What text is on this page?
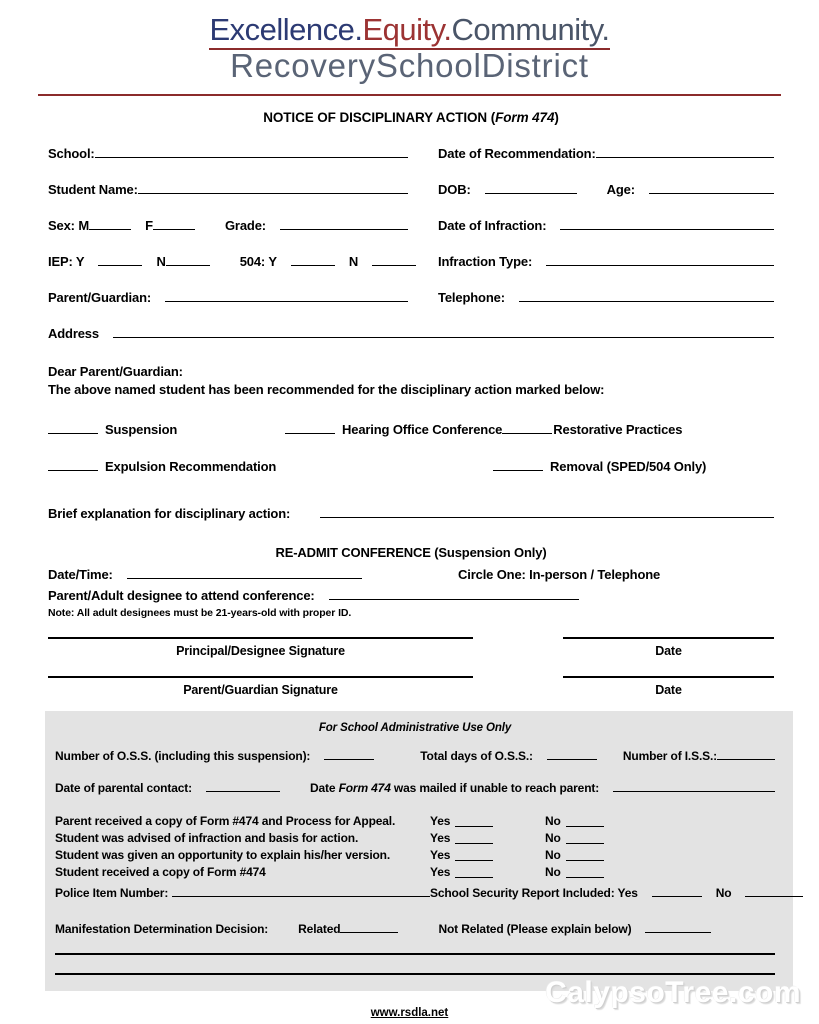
Excellence.Equity.Community.
RecoverySchoolDistrict
NOTICE OF DISCIPLINARY ACTION (Form 474)
School:	Date of Recommendation:
Student Name:	DOB:	Age:
Sex: M	F	Grade:	Date of Infraction:
IEP: Y	N	504: Y	N	Infraction Type:
Parent/Guardian:	Telephone:
Address
Dear Parent/Guardian:
The above named student has been recommended for the disciplinary action marked below:
Suspension	Hearing Office Conference	Restorative Practices
Expulsion Recommendation	Removal (SPED/504 Only)
Brief explanation for disciplinary action:
RE-ADMIT CONFERENCE (Suspension Only)
Date/Time:	Circle One: In-person / Telephone
Parent/Adult designee to attend conference:
Note: All adult designees must be 21-years-old with proper ID.
Principal/Designee Signature	Date
Parent/Guardian Signature	Date
For School Administrative Use Only
Number of O.S.S. (including this suspension):	Total days of O.S.S.:	Number of I.S.S.:
Date of parental contact:	Date Form 474 was mailed if unable to reach parent:
Parent received a copy of Form #474 and Process for Appeal.	Yes	No
Student was advised of infraction and basis for action.	Yes	No
Student was given an opportunity to explain his/her version.	Yes	No
Student received a copy of Form #474	Yes	No
Police Item Number:	School Security Report Included: Yes	No
Manifestation Determination Decision:	Related	Not Related (Please explain below)
www.rsdla.net
CalypsoTree.com
